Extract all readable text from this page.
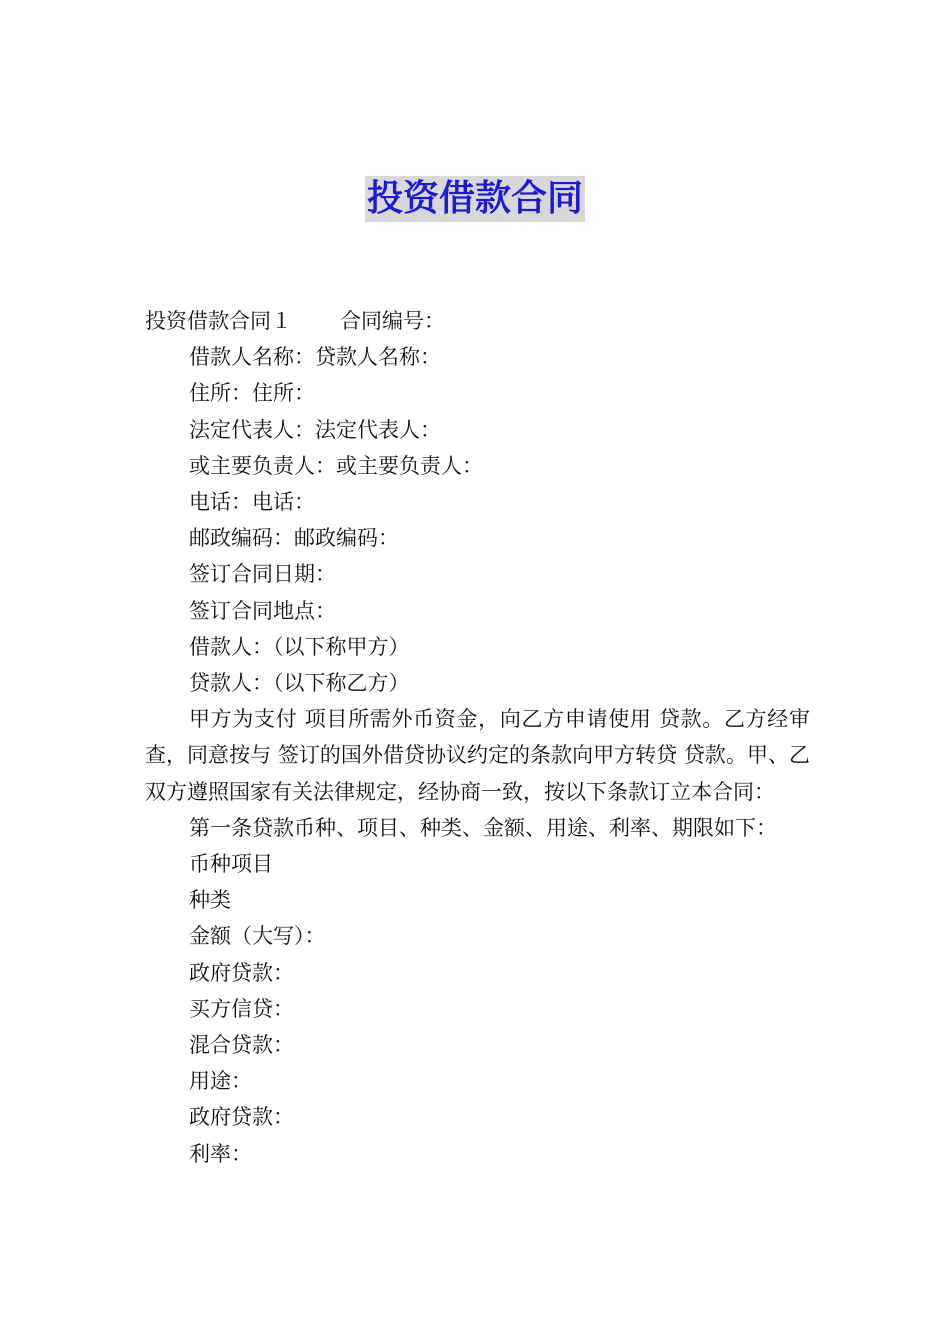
投资借款合同
投资借款合同１ 合同编号：
借款人名称：贷款人名称：
住所：住所：
法定代表人：法定代表人：
或主要负责人：或主要负责人：
电话：电话：
邮政编码：邮政编码：
签订合同日期：
签订合同地点：
借款人：（以下称甲方）
贷款人：（以下称乙方）
甲方为支付 项目所需外币资金，向乙方申请使用 贷款。乙方经审查，同意按与 签订的国外借贷协议约定的条款向甲方转贷 贷款。甲、乙双方遵照国家有关法律规定，经协商一致，按以下条款订立本合同：
第一条贷款币种、项目、种类、金额、用途、利率、期限如下：
币种项目
种类
金额（大写）：
政府贷款：
买方信贷：
混合贷款：
用途：
政府贷款：
利率：
